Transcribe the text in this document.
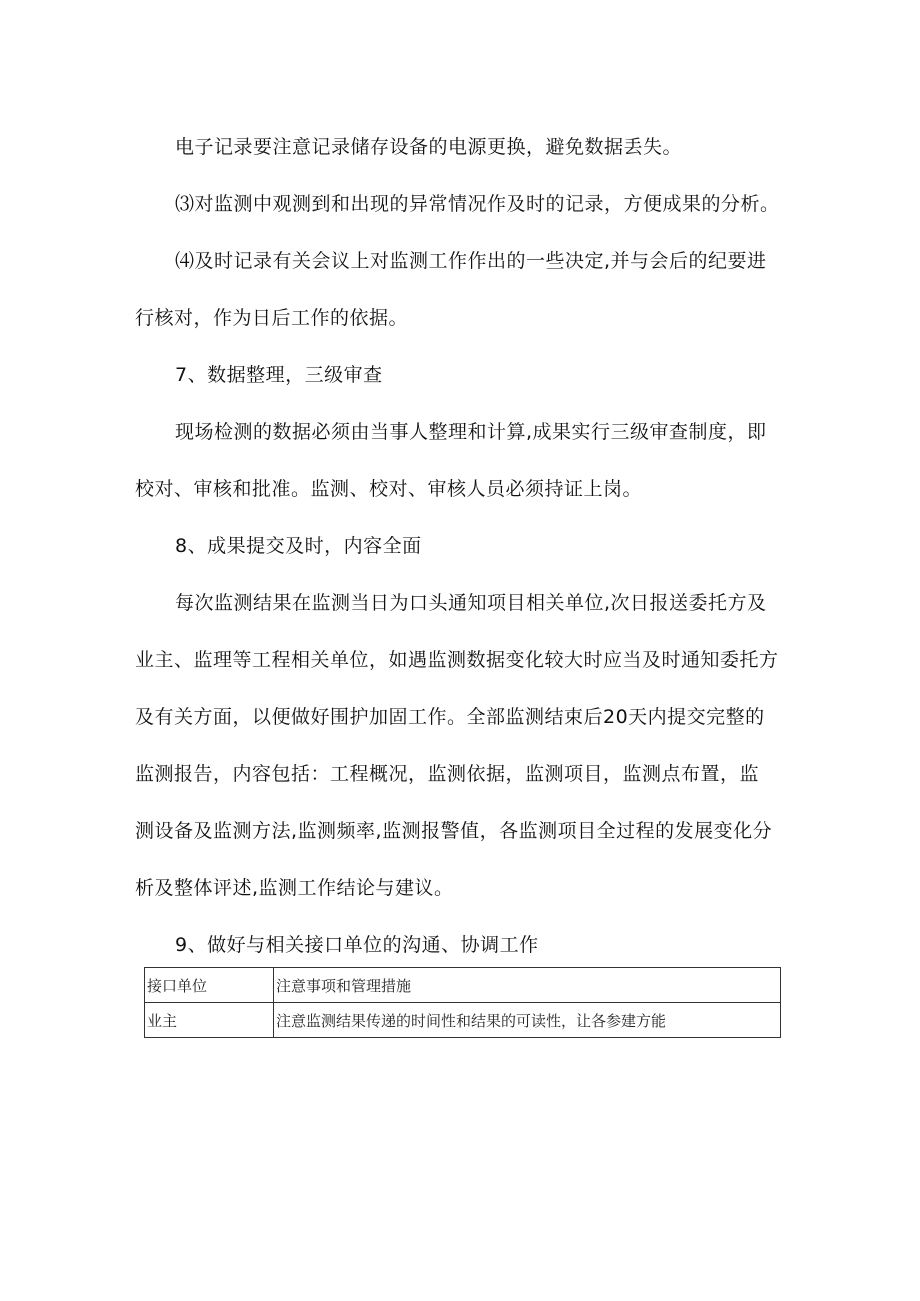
电子记录要注意记录储存设备的电源更换，避免数据丢失。

⑶对监测中观测到和出现的异常情况作及时的记录，方便成果的分析。

⑷及时记录有关会议上对监测工作作出的一些决定,并与会后的纪要进
行核对，作为日后工作的依据。

7、数据整理，三级审查

现场检测的数据必须由当事人整理和计算,成果实行三级审查制度，即
校对、审核和批准。监测、校对、审核人员必须持证上岗。

8、成果提交及时，内容全面

每次监测结果在监测当日为口头通知项目相关单位,次日报送委托方及
业主、监理等工程相关单位，如遇监测数据变化较大时应当及时通知委托方
及有关方面，以便做好围护加固工作。全部监测结束后20天内提交完整的
监测报告，内容包括：工程概况，监测依据，监测项目，监测点布置，监
测设备及监测方法,监测频率,监测报警值，各监测项目全过程的发展变化分
析及整体评述,监测工作结论与建议。

9、做好与相关接口单位的沟通、协调工作

接口单位	注意事项和管理措施
业主	注意监测结果传递的时间性和结果的可读性，让各参建方能
